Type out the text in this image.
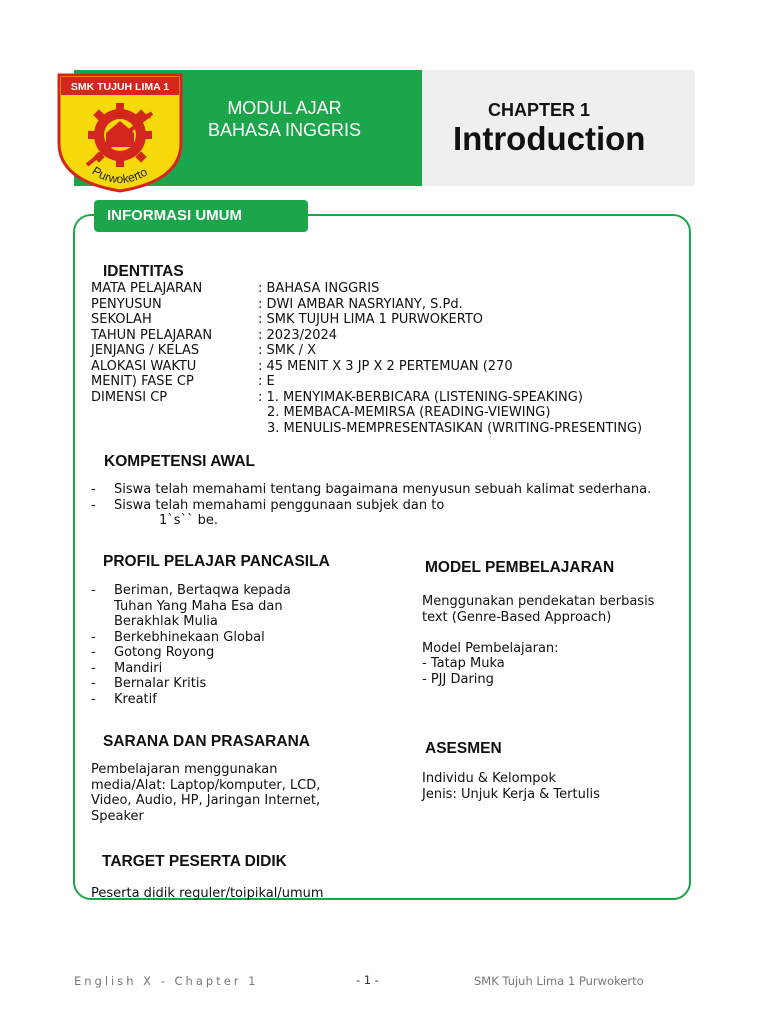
SMK TUJUH LIMA 1
Purwokerto
MODUL AJAR
BAHASA INGGRIS
CHAPTER 1
Introduction
INFORMASI UMUM
IDENTITAS
MATA PELAJARAN
PENYUSUN
SEKOLAH
TAHUN PELAJARAN
JENJANG / KELAS
ALOKASI WAKTU
MENIT) FASE CP
DIMENSI CP
: BAHASA INGGRIS
: DWI AMBAR NASRYIANY, S.Pd.
: SMK TUJUH LIMA 1 PURWOKERTO
: 2023/2024
: SMK / X
: 45 MENIT X 3 JP X 2 PERTEMUAN (270
: E
: 1. MENYIMAK-BERBICARA (LISTENING-SPEAKING)
2. MEMBACA-MEMIRSA (READING-VIEWING)
3. MENULIS-MEMPRESENTASIKAN (WRITING-PRESENTING)
KOMPETENSI AWAL
- Siswa telah memahami tentang bagaimana menyusun sebuah kalimat sederhana.
- Siswa telah memahami penggunaan subjek dan to
1`s`` be.
PROFIL PELAJAR PANCASILA
- Beriman, Bertaqwa kepada
Tuhan Yang Maha Esa dan
Berakhlak Mulia
- Berkebhinekaan Global
- Gotong Royong
- Mandiri
- Bernalar Kritis
- Kreatif
MODEL PEMBELAJARAN
Menggunakan pendekatan berbasis
text (Genre-Based Approach)
Model Pembelajaran:
- Tatap Muka
- PJJ Daring
SARANA DAN PRASARANA
Pembelajaran menggunakan
media/Alat: Laptop/komputer, LCD,
Video, Audio, HP, Jaringan Internet,
Speaker
ASESMEN
Individu & Kelompok
Jenis: Unjuk Kerja & Tertulis
TARGET PESERTA DIDIK
Peserta didik reguler/toipikal/umum
English X - Chapter 1	- 1 -	SMK Tujuh Lima 1 Purwokerto
